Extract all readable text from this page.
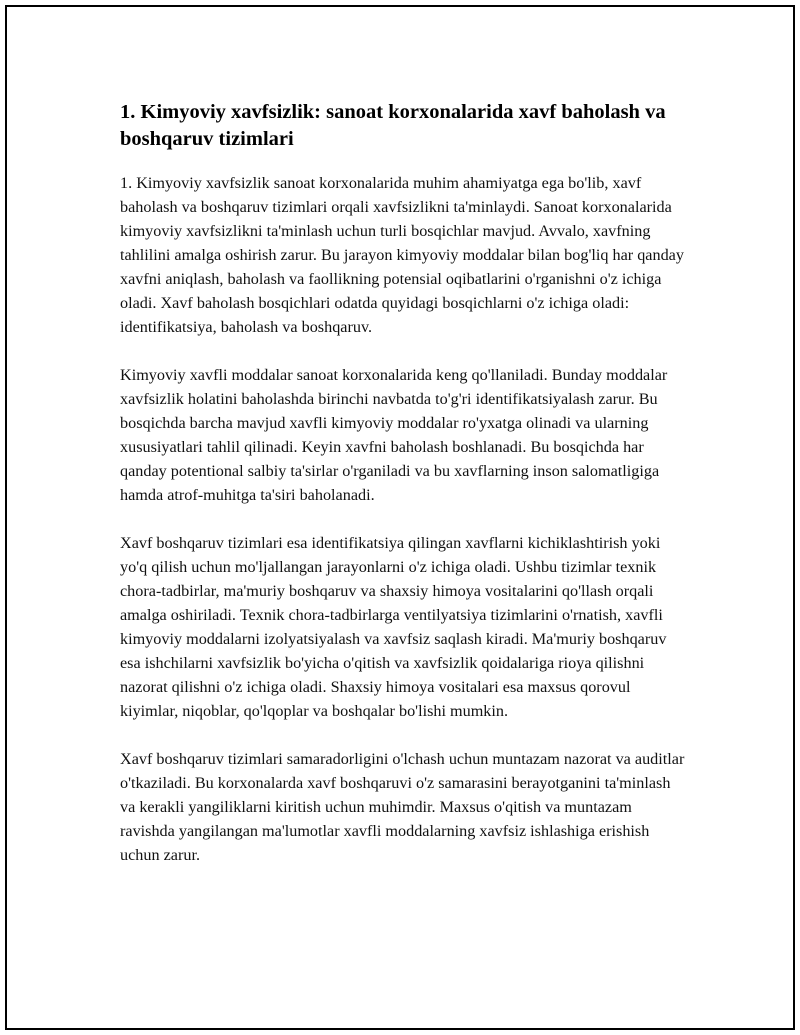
1. Kimyoviy xavfsizlik: sanoat korxonalarida xavf baholash va boshqaruv tizimlari

1. Kimyoviy xavfsizlik sanoat korxonalarida muhim ahamiyatga ega bo'lib, xavf baholash va boshqaruv tizimlari orqali xavfsizlikni ta'minlaydi. Sanoat korxonalarida kimyoviy xavfsizlikni ta'minlash uchun turli bosqichlar mavjud. Avvalo, xavfning tahlilini amalga oshirish zarur. Bu jarayon kimyoviy moddalar bilan bog'liq har qanday xavfni aniqlash, baholash va faollikning potensial oqibatlarini o'rganishni o'z ichiga oladi. Xavf baholash bosqichlari odatda quyidagi bosqichlarni o'z ichiga oladi: identifikatsiya, baholash va boshqaruv.

Kimyoviy xavfli moddalar sanoat korxonalarida keng qo'llaniladi. Bunday moddalar xavfsizlik holatini baholashda birinchi navbatda to'g'ri identifikatsiyalash zarur. Bu bosqichda barcha mavjud xavfli kimyoviy moddalar ro'yxatga olinadi va ularning xususiyatlari tahlil qilinadi. Keyin xavfni baholash boshlanadi. Bu bosqichda har qanday potentional salbiy ta'sirlar o'rganiladi va bu xavflarning inson salomatligiga hamda atrof-muhitga ta'siri baholanadi.

Xavf boshqaruv tizimlari esa identifikatsiya qilingan xavflarni kichiklashtirish yoki yo'q qilish uchun mo'ljallangan jarayonlarni o'z ichiga oladi. Ushbu tizimlar texnik chora-tadbirlar, ma'muriy boshqaruv va shaxsiy himoya vositalarini qo'llash orqali amalga oshiriladi. Texnik chora-tadbirlarga ventilyatsiya tizimlarini o'rnatish, xavfli kimyoviy moddalarni izolyatsiyalash va xavfsiz saqlash kiradi. Ma'muriy boshqaruv esa ishchilarni xavfsizlik bo'yicha o'qitish va xavfsizlik qoidalariga rioya qilishni nazorat qilishni o'z ichiga oladi. Shaxsiy himoya vositalari esa maxsus qorovul kiyimlar, niqoblar, qo'lqoplar va boshqalar bo'lishi mumkin.

Xavf boshqaruv tizimlari samaradorligini o'lchash uchun muntazam nazorat va auditlar o'tkaziladi. Bu korxonalarda xavf boshqaruvi o'z samarasini berayotganini ta'minlash va kerakli yangiliklarni kiritish uchun muhimdir. Maxsus o'qitish va muntazam ravishda yangilangan ma'lumotlar xavfli moddalarning xavfsiz ishlashiga erishish uchun zarur.
